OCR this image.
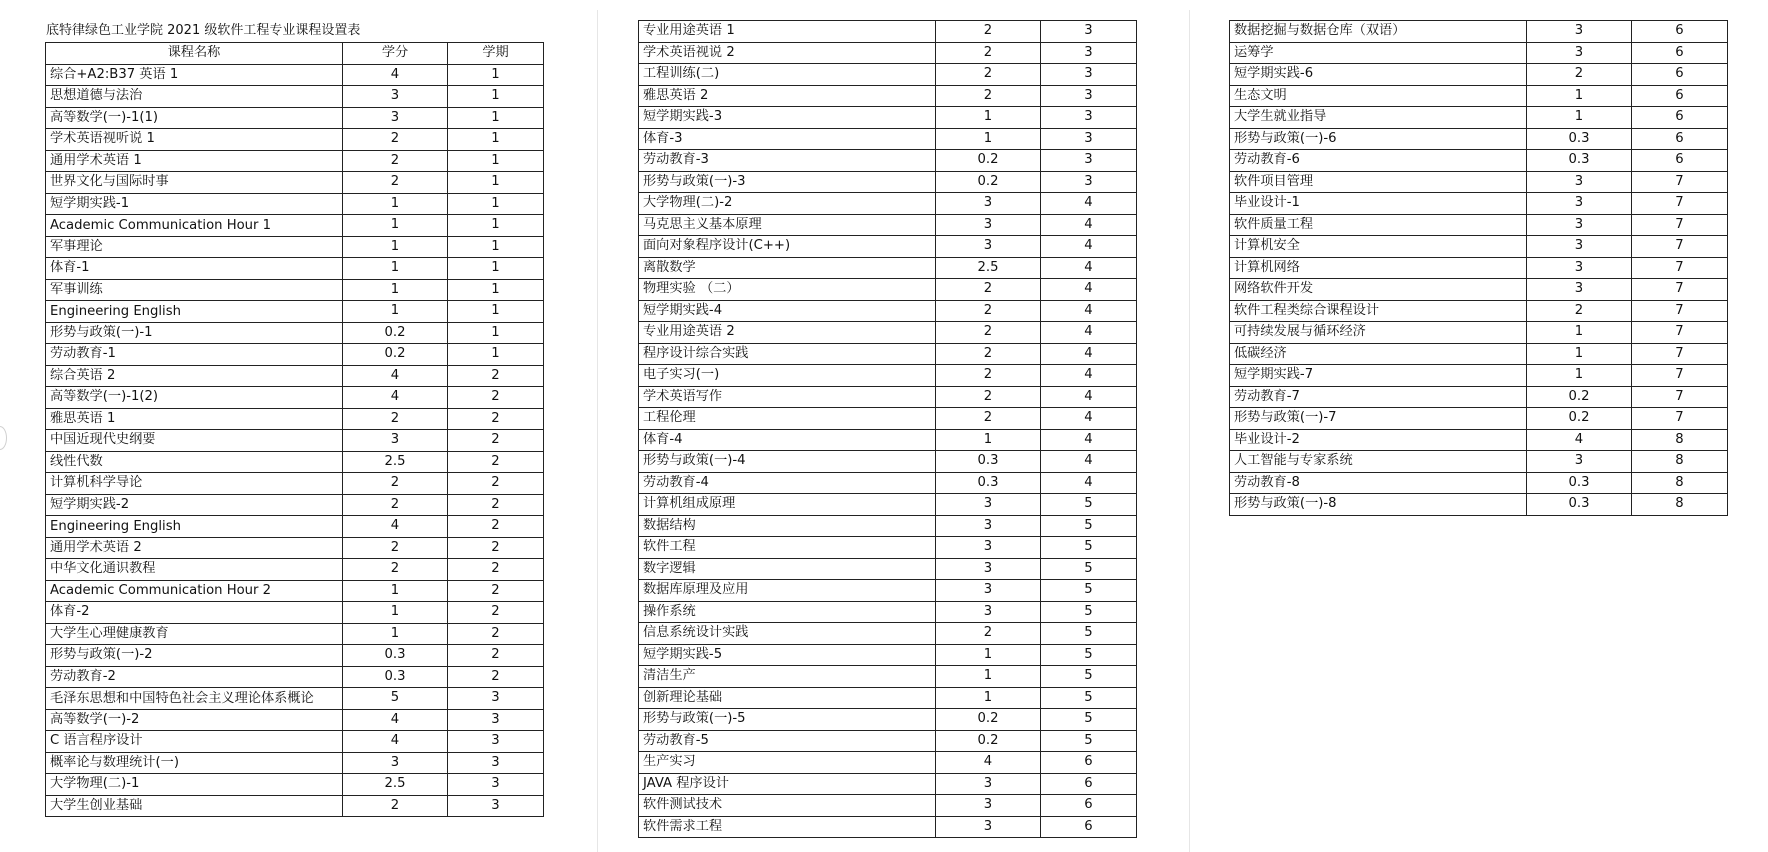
底特律绿色工业学院 2021 级软件工程专业课程设置表
课程名称	学分	学期
综合+A2:B37 英语 1	4	1
思想道德与法治	3	1
高等数学(一)-1(1)	3	1
学术英语视听说 1	2	1
通用学术英语 1	2	1
世界文化与国际时事	2	1
短学期实践-1	1	1
Academic Communication Hour 1	1	1
军事理论	1	1
体育-1	1	1
军事训练	1	1
Engineering English	1	1
形势与政策(一)-1	0.2	1
劳动教育-1	0.2	1
综合英语 2	4	2
高等数学(一)-1(2)	4	2
雅思英语 1	2	2
中国近现代史纲要	3	2
线性代数	2.5	2
计算机科学导论	2	2
短学期实践-2	2	2
Engineering English	4	2
通用学术英语 2	2	2
中华文化通识教程	2	2
Academic Communication Hour 2	1	2
体育-2	1	2
大学生心理健康教育	1	2
形势与政策(一)-2	0.3	2
劳动教育-2	0.3	2
毛泽东思想和中国特色社会主义理论体系概论	5	3
高等数学(一)-2	4	3
C 语言程序设计	4	3
概率论与数理统计(一)	3	3
大学物理(二)-1	2.5	3
大学生创业基础	2	3
专业用途英语 1	2	3
学术英语视说 2	2	3
工程训练(二)	2	3
雅思英语 2	2	3
短学期实践-3	1	3
体育-3	1	3
劳动教育-3	0.2	3
形势与政策(一)-3	0.2	3
大学物理(二)-2	3	4
马克思主义基本原理	3	4
面向对象程序设计(C++)	3	4
离散数学	2.5	4
物理实验 （二）	2	4
短学期实践-4	2	4
专业用途英语 2	2	4
程序设计综合实践	2	4
电子实习(一)	2	4
学术英语写作	2	4
工程伦理	2	4
体育-4	1	4
形势与政策(一)-4	0.3	4
劳动教育-4	0.3	4
计算机组成原理	3	5
数据结构	3	5
软件工程	3	5
数字逻辑	3	5
数据库原理及应用	3	5
操作系统	3	5
信息系统设计实践	2	5
短学期实践-5	1	5
清洁生产	1	5
创新理论基础	1	5
形势与政策(一)-5	0.2	5
劳动教育-5	0.2	5
生产实习	4	6
JAVA 程序设计	3	6
软件测试技术	3	6
软件需求工程	3	6
数据挖掘与数据仓库（双语）	3	6
运筹学	3	6
短学期实践-6	2	6
生态文明	1	6
大学生就业指导	1	6
形势与政策(一)-6	0.3	6
劳动教育-6	0.3	6
软件项目管理	3	7
毕业设计-1	3	7
软件质量工程	3	7
计算机安全	3	7
计算机网络	3	7
网络软件开发	3	7
软件工程类综合课程设计	2	7
可持续发展与循环经济	1	7
低碳经济	1	7
短学期实践-7	1	7
劳动教育-7	0.2	7
形势与政策(一)-7	0.2	7
毕业设计-2	4	8
人工智能与专家系统	3	8
劳动教育-8	0.3	8
形势与政策(一)-8	0.3	8
